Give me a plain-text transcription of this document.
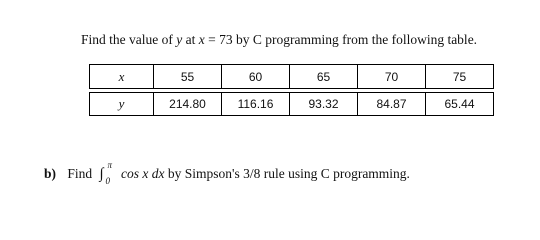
Find the value of y at x = 73 by C programming from the following table.
x	55	60	65	70	75

y	214.80	116.16	93.32	84.87	65.44
b) Find ∫
π
0 cos x dx by Simpson's 3/8 rule using C programming.
